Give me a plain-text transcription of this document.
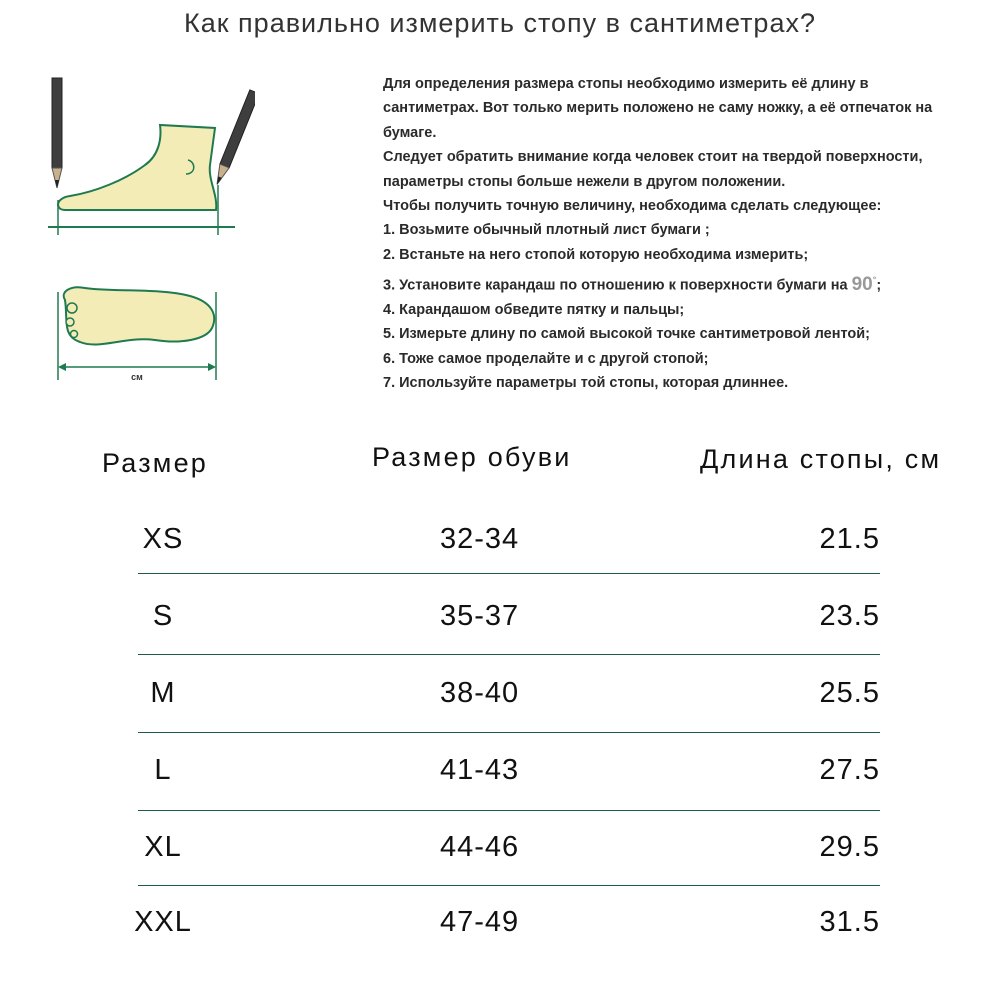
Как правильно измерить стопу в сантиметрах?
см
Для определения размера стопы необходимо измерить её длину в
сантиметрах. Вот только мерить положено не саму ножку, а её отпечаток на
бумаге.
Следует обратить внимание когда человек стоит на твердой поверхности,
параметры стопы больше нежели в другом положении.
Чтобы получить точную величину, необходима сделать следующее:
1. Возьмите обычный плотный лист бумаги ;
2. Встаньте на него стопой которую необходима измерить;
3. Установите карандаш по отношению к поверхности бумаги на 90°;
4. Карандашом обведите пятку и пальцы;
5. Измерьте длину по самой высокой точке сантиметровой лентой;
6. Тоже самое проделайте и с другой стопой;
7. Используйте параметры той стопы, которая длиннее.
Размер	Размер обуви	Длина стопы, см
XS	32-34	21.5
S	35-37	23.5
M	38-40	25.5
L	41-43	27.5
XL	44-46	29.5
XXL	47-49	31.5
